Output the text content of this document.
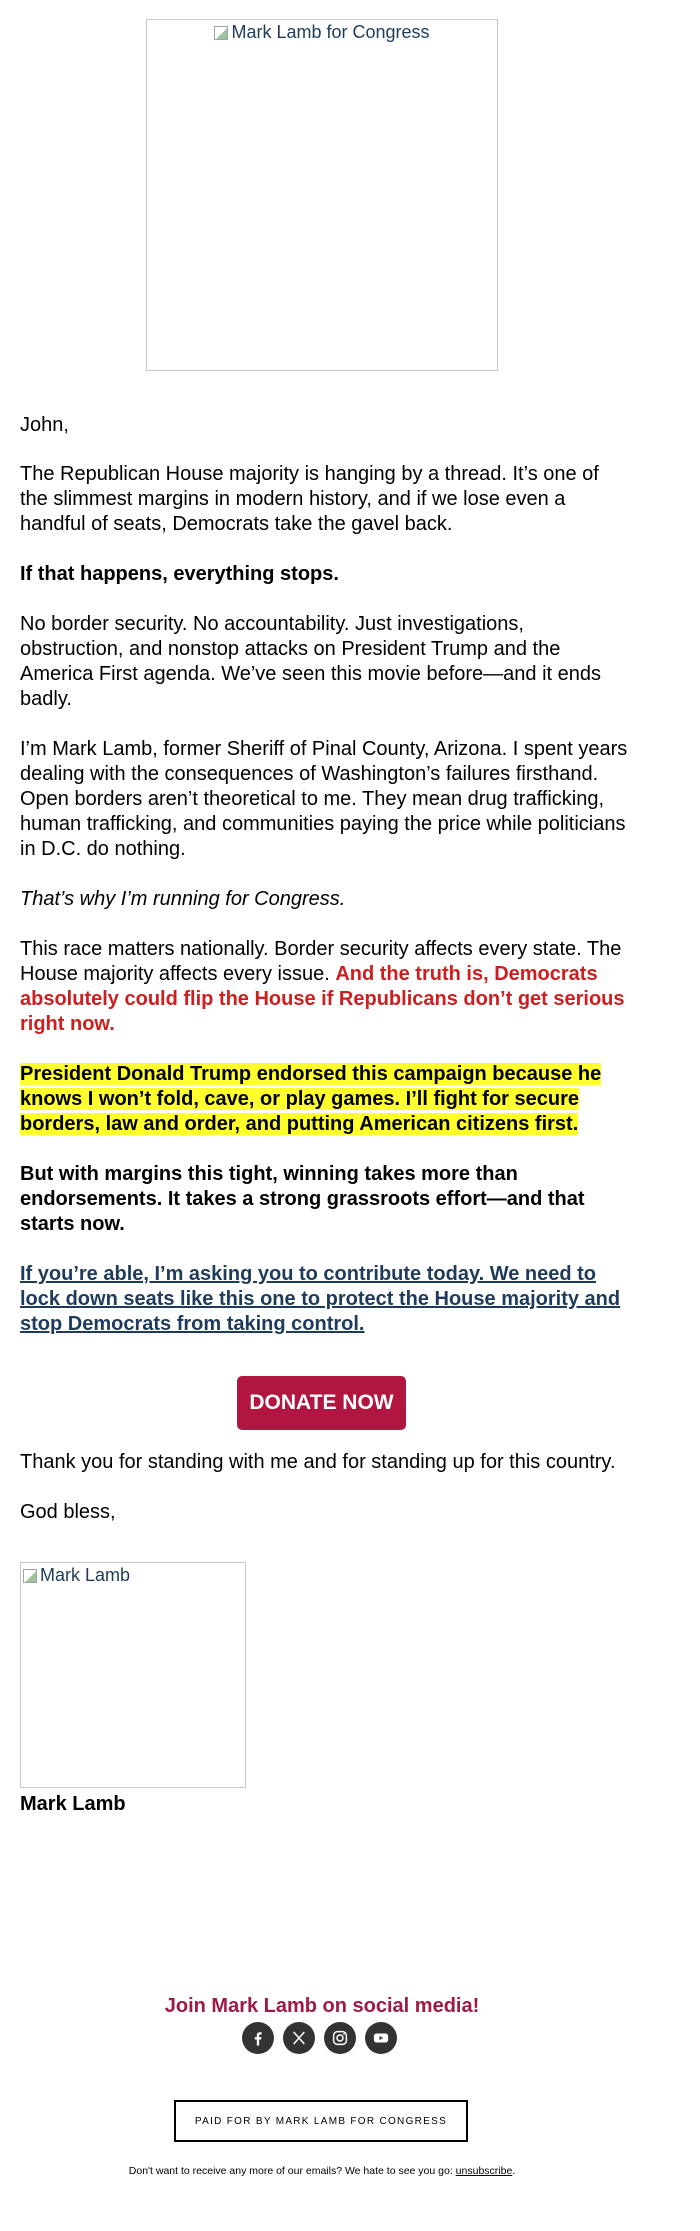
Mark Lamb for Congress
John,

The Republican House majority is hanging by a thread. It’s one of the slimmest margins in modern history, and if we lose even a handful of seats, Democrats take the gavel back.

If that happens, everything stops.
No border security. No accountability. Just investigations, obstruction, and nonstop attacks on President Trump and the America First agenda. We’ve seen this movie before—and it ends badly.
I’m Mark Lamb, former Sheriff of Pinal County, Arizona. I spent years dealing with the consequences of Washington’s failures firsthand. Open borders aren’t theoretical to me. They mean drug trafficking, human trafficking, and communities paying the price while politicians in D.C. do nothing.
That’s why I’m running for Congress.
This race matters nationally. Border security affects every state. The House majority affects every issue. And the truth is, Democrats absolutely could flip the House if Republicans don’t get serious right now.
President Donald Trump endorsed this campaign because he knows I won’t fold, cave, or play games. I’ll fight for secure borders, law and order, and putting American citizens first.
But with margins this tight, winning takes more than endorsements. It takes a strong grassroots effort—and that starts now.
If you’re able, I’m asking you to contribute today. We need to lock down seats like this one to protect the House majority and stop Democrats from taking control.
DONATE NOW
Thank you for standing with me and for standing up for this country.
God bless,
Mark Lamb
Mark Lamb
Join Mark Lamb on social media!
PAID FOR BY MARK LAMB FOR CONGRESS
Don't want to receive any more of our emails? We hate to see you go: unsubscribe.
